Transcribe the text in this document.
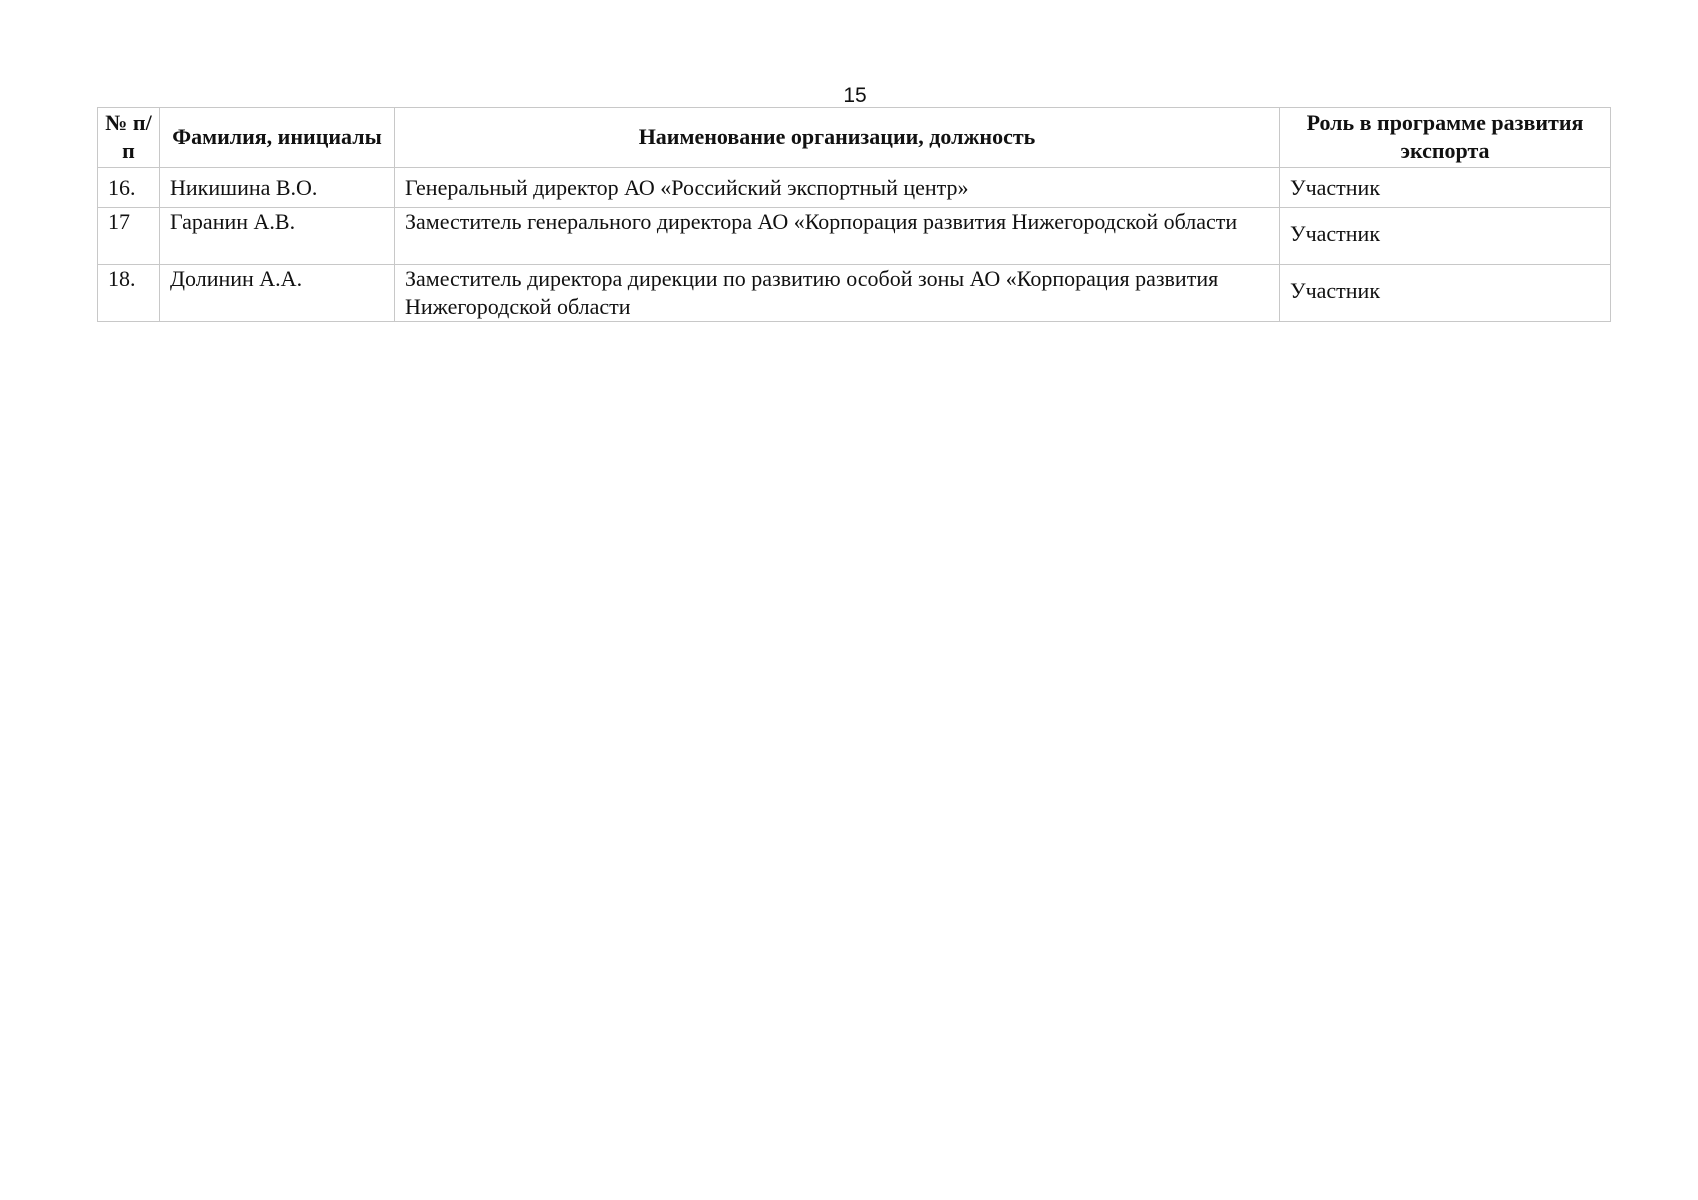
15
№ п/п	Фамилия, инициалы	Наименование организации, должность	Роль в программе развития экспорта
16.	Никишина В.О.	Генеральный директор АО «Российский экспортный центр»	Участник
17	Гаранин А.В.	Заместитель генерального директора АО «Корпорация развития Нижегородской области	Участник
18.	Долинин А.А.	Заместитель директора дирекции по развитию особой зоны АО «Корпорация развития Нижегородской области	Участник
